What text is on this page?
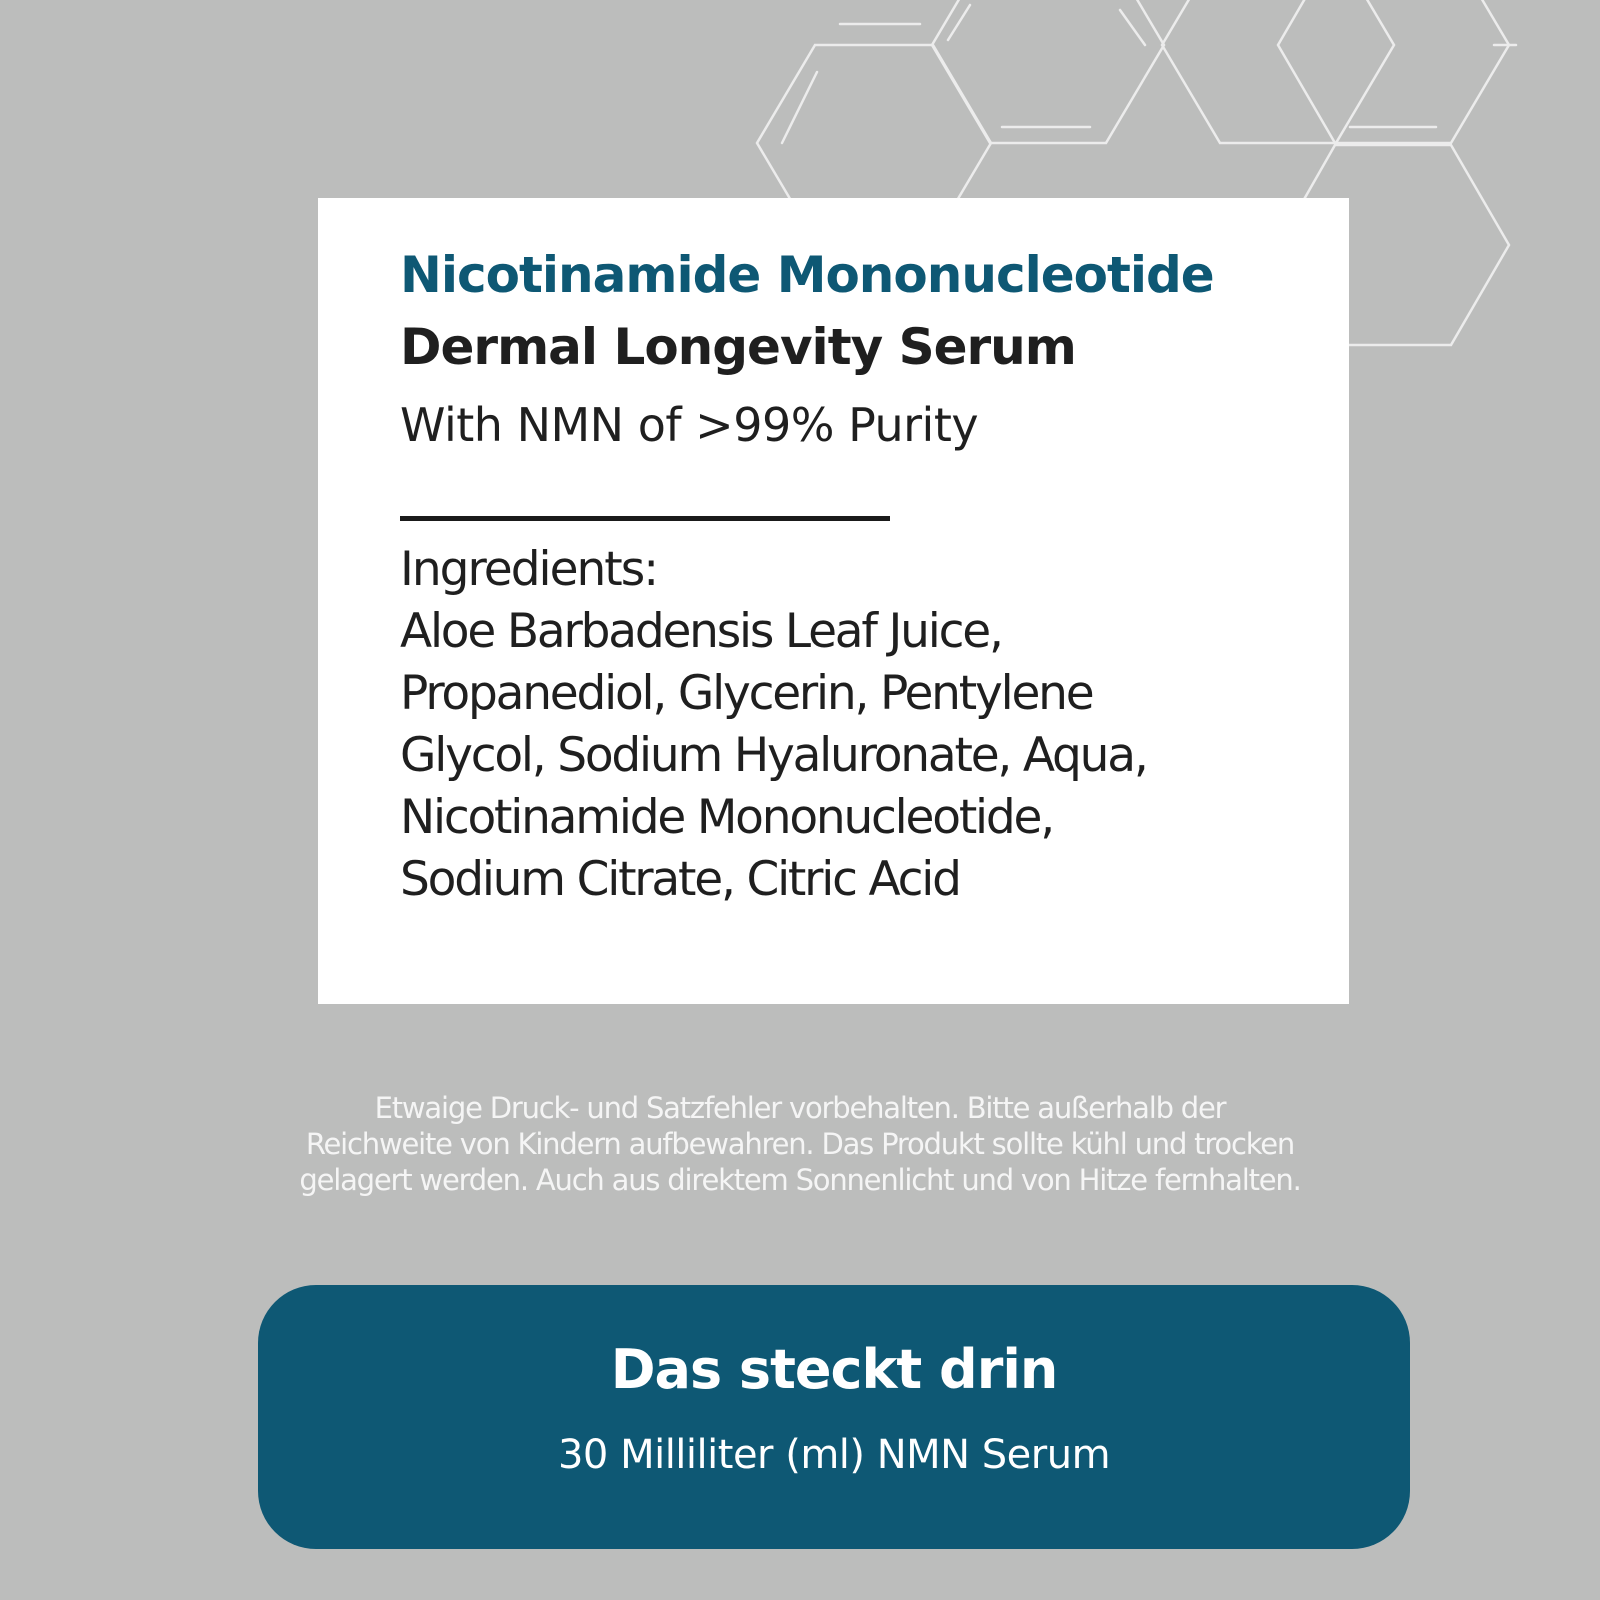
Nicotinamide Mononucleotide
Dermal Longevity Serum

With NMN of >99% Purity

Ingredients:

Aloe Barbadensis Leaf Juice,

Propanediol, Glycerin, Pentylene

Glycol, Sodium Hyaluronate, Aqua,

Nicotinamide Mononucleotide,

Sodium Citrate, Citric Acid

Etwaige Druck- und Satzfehler vorbehalten. Bitte außerhalb der
Reichweite von Kindern aufbewahren. Das Produkt sollte kühl und trocken
gelagert werden. Auch aus direktem Sonnenlicht und von Hitze fernhalten.
Das steckt drin
30 Milliliter (ml) NMN Serum
